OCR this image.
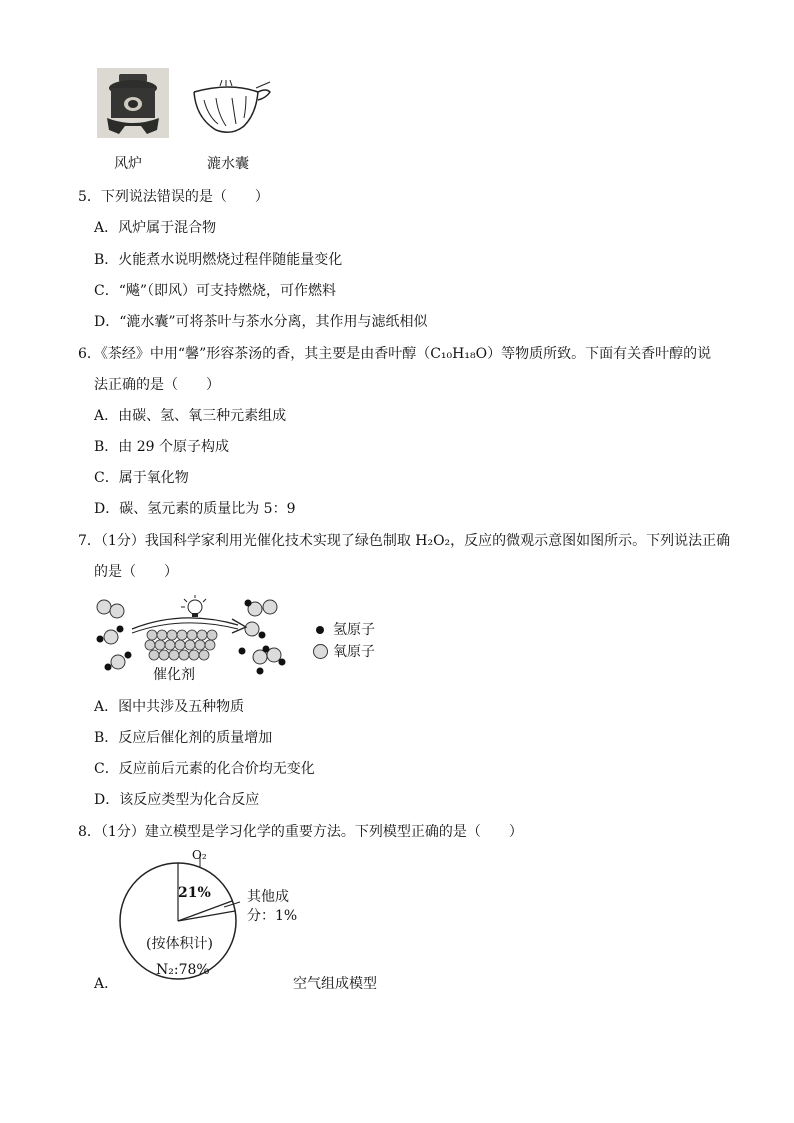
风炉	漉水囊
5．下列说法错误的是（　　）
A．风炉属于混合物
B．火能煮水说明燃烧过程伴随能量变化
C．“飚”（即风）可支持燃烧，可作燃料
D．“漉水囊”可将茶叶与茶水分离，其作用与滤纸相似
6．《茶经》中用“馨”形容茶汤的香，其主要是由香叶醇（C₁₀H₁₈O）等物质所致。下面有关香叶醇的说
法正确的是（　　）
A．由碳、氢、氧三种元素组成
B．由 29 个原子构成
C．属于氧化物
D．碳、氢元素的质量比为 5：9
7．（1分）我国科学家利用光催化技术实现了绿色制取 H₂O₂，反应的微观示意图如图所示。下列说法正确
的是（　　）
催化剂
氢原子
氧原子
A．图中共涉及五种物质
B．反应后催化剂的质量增加
C．反应前后元素的化合价均无变化
D．该反应类型为化合反应
8．（1分）建立模型是学习化学的重要方法。下列模型正确的是（　　）
O₂
21%	其他成
分：1%
(按体积计)
N₂:78%
A．	空气组成模型
